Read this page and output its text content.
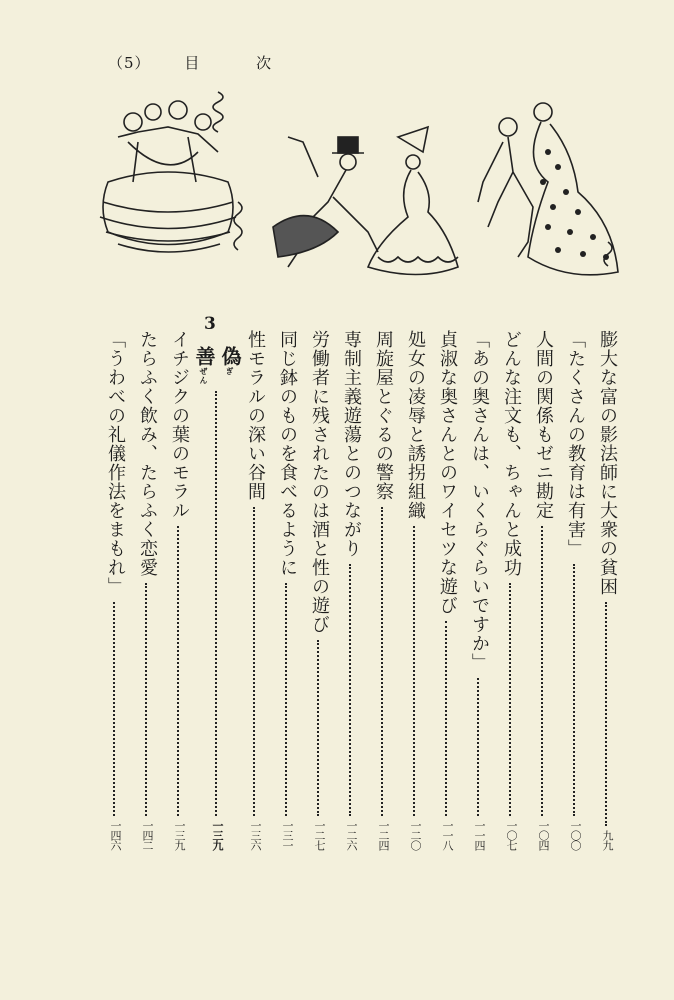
（5） 目	次
膨大な富の影法師に大衆の貧困
九九
「たくさんの教育は有害」
一〇〇
人間の関係もゼニ勘定
一〇四
どんな注文も、ちゃんと成功
一〇七
「あの奥さんは、いくらぐらいですか」
一一四
貞淑な奥さんとのワイセツな遊び
一一八
処女の凌辱と誘拐組織
一二〇
周旋屋とぐるの警察
一二四
専制主義遊蕩とのつながり
一二六
労働者に残されたのは酒と性の遊び
一二七
同じ鉢のものを食べるように
一三一
性モラルの深い谷間
一三六
3
偽$^ぎ$
善$^{ぜん}$
一三九
イチジクの葉のモラル
一三九
たらふく飲み、たらふく恋愛
一四二
「うわべの礼儀作法をまもれ」
一四六
